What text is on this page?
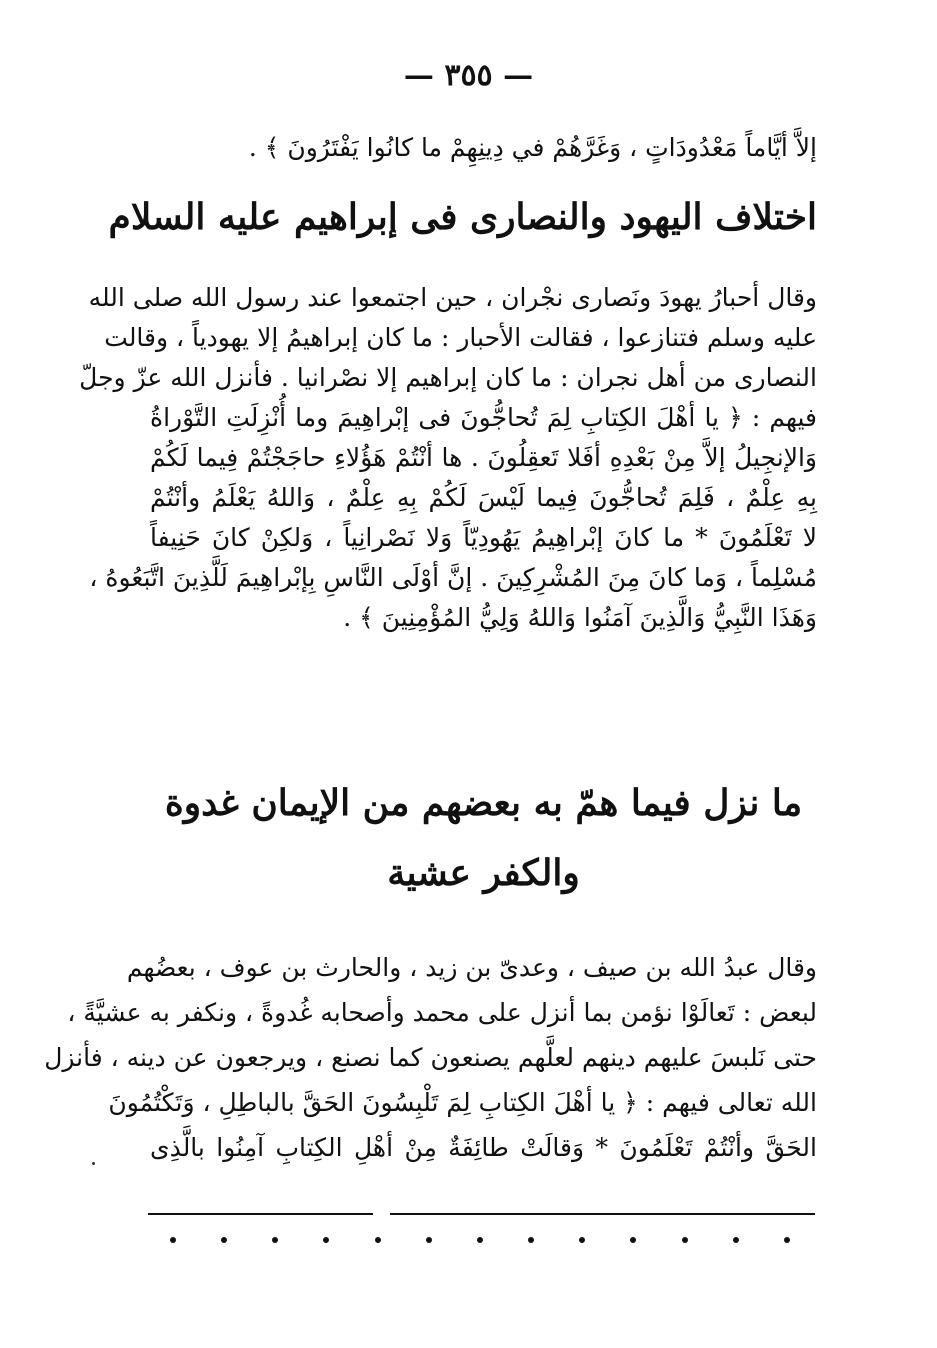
— ٣٥٥ —
إلاَّ أيَّاماً مَعْدُودَاتٍ ، وَغَرَّهُمْ في دِينِهِمْ ما كانُوا يَفْتَرُونَ ﴾ .
اختلاف اليهود والنصارى فى إبراهيم عليه السلام
وقال أحبارُ يهودَ ونَصارى نجْران ، حين اجتمعوا عند رسول الله صلى الله
عليه وسلم فتنازعوا ، فقالت الأحبار : ما كان إبراهيمُ إلا يهودياً ، وقالت
النصارى من أهل نجران : ما كان إبراهيم إلا نصْرانيا . فأنزل الله عزّ وجلّ
فيهم : ﴿ يا أهْلَ الكِتابِ لِمَ تُحاجُّونَ فى إبْراهِيمَ وما أُنْزِلَتِ التَّوْراةُ
وَالإنجِيلُ إلاَّ مِنْ بَعْدِهِ أفَلا تَعقِلُونَ . ها أنْتُمْ هَؤُلاءِ حاجَجْتُمْ فِيما لَكُمْ
بِهِ عِلْمٌ ، فَلِمَ تُحاجُّونَ فِيما لَيْسَ لَكُمْ بِهِ عِلْمٌ ، وَاللهُ يَعْلَمُ وأنْتُمْ
لا تَعْلَمُونَ * ما كانَ إبْراهِيمُ يَهُودِيّاً وَلا نَصْرانِياً ، وَلكِنْ كانَ حَنِيفاً
مُسْلِماً ، وَما كانَ مِنَ المُشْرِكِينَ . إنَّ أوْلَى النَّاسِ بِإبْراهِيمَ لَلَّذِينَ اتَّبَعُوهُ ،
وَهَذَا النَّبِيُّ وَالَّذِينَ آمَنُوا وَاللهُ وَلِيُّ المُؤْمِنِينَ ﴾ .
ما نزل فيما همّ به بعضهم من الإيمان غدوة
والكفر عشية
وقال عبدُ الله بن صيف ، وعدىّ بن زيد ، والحارث بن عوف ، بعضُهم
لبعض : تَعالَوْا نؤمن بما أنزل على محمد وأصحابه غُدوةً ، ونكفر به عشيَّةً ،
حتى نَلبسَ عليهم دينهم لعلَّهم يصنعون كما نصنع ، ويرجعون عن دينه ، فأنزل
الله تعالى فيهم : ﴿ يا أهْلَ الكِتابِ لِمَ تَلْبِسُونَ الحَقَّ بالباطِلِ ، وَتَكْتُمُونَ
الحَقَّ وأنْتُمْ تَعْلَمُونَ * وَقالَتْ طائِفَةٌ مِنْ أهْلِ الكِتابِ آمِنُوا بالَّذِى
